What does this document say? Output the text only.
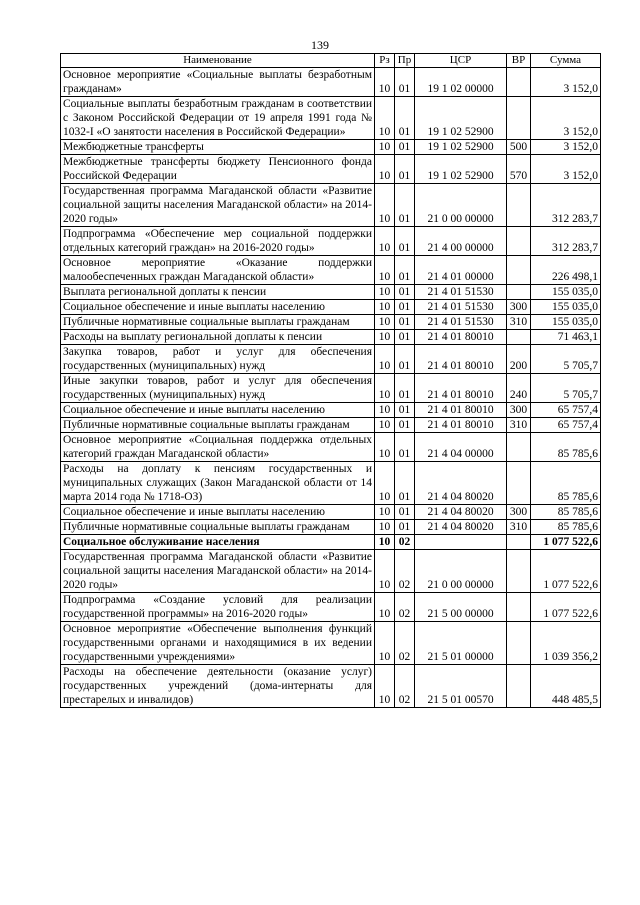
139
Наименование	Рз	Пр	ЦСР	ВР	Сумма
Основное мероприятие «Социальные выплаты безработным гражданам»	10	01	19 1 02 00000		3 152,0
Социальные выплаты безработным гражданам в соответствии с Законом Российской Федерации от 19 апреля 1991 года № 1032-I «О занятости населения в Российской Федерации»	10	01	19 1 02 52900		3 152,0
Межбюджетные трансферты	10	01	19 1 02 52900	500	3 152,0
Межбюджетные трансферты бюджету Пенсионного фонда Российской Федерации	10	01	19 1 02 52900	570	3 152,0
Государственная программа Магаданской области «Развитие социальной защиты населения Магаданской области» на 2014-2020 годы»	10	01	21 0 00 00000		312 283,7
Подпрограмма «Обеспечение мер социальной поддержки отдельных категорий граждан» на 2016-2020 годы»	10	01	21 4 00 00000		312 283,7
Основное мероприятие «Оказание поддержки малообеспеченных граждан Магаданской области»	10	01	21 4 01 00000		226 498,1
Выплата региональной доплаты к пенсии	10	01	21 4 01 51530		155 035,0
Социальное обеспечение и иные выплаты населению	10	01	21 4 01 51530	300	155 035,0
Публичные нормативные социальные выплаты гражданам	10	01	21 4 01 51530	310	155 035,0
Расходы на выплату региональной доплаты к пенсии	10	01	21 4 01 80010		71 463,1
Закупка товаров, работ и услуг для обеспечения государственных (муниципальных) нужд	10	01	21 4 01 80010	200	5 705,7
Иные закупки товаров, работ и услуг для обеспечения государственных (муниципальных) нужд	10	01	21 4 01 80010	240	5 705,7
Социальное обеспечение и иные выплаты населению	10	01	21 4 01 80010	300	65 757,4
Публичные нормативные социальные выплаты гражданам	10	01	21 4 01 80010	310	65 757,4
Основное мероприятие «Социальная поддержка отдельных категорий граждан Магаданской области»	10	01	21 4 04 00000		85 785,6
Расходы на доплату к пенсиям государственных и муниципальных служащих (Закон Магаданской области от 14 марта 2014 года № 1718-ОЗ)	10	01	21 4 04 80020		85 785,6
Социальное обеспечение и иные выплаты населению	10	01	21 4 04 80020	300	85 785,6
Публичные нормативные социальные выплаты гражданам	10	01	21 4 04 80020	310	85 785,6
Социальное обслуживание населения	10	02			1 077 522,6
Государственная программа Магаданской области «Развитие социальной защиты населения Магаданской области» на 2014-2020 годы»	10	02	21 0 00 00000		1 077 522,6
Подпрограмма «Создание условий для реализации государственной программы» на 2016-2020 годы»	10	02	21 5 00 00000		1 077 522,6
Основное мероприятие «Обеспечение выполнения функций государственными органами и находящимися в их ведении государственными учреждениями»	10	02	21 5 01 00000		1 039 356,2
Расходы на обеспечение деятельности (оказание услуг) государственных учреждений (дома-интернаты для престарелых и инвалидов)	10	02	21 5 01 00570		448 485,5
